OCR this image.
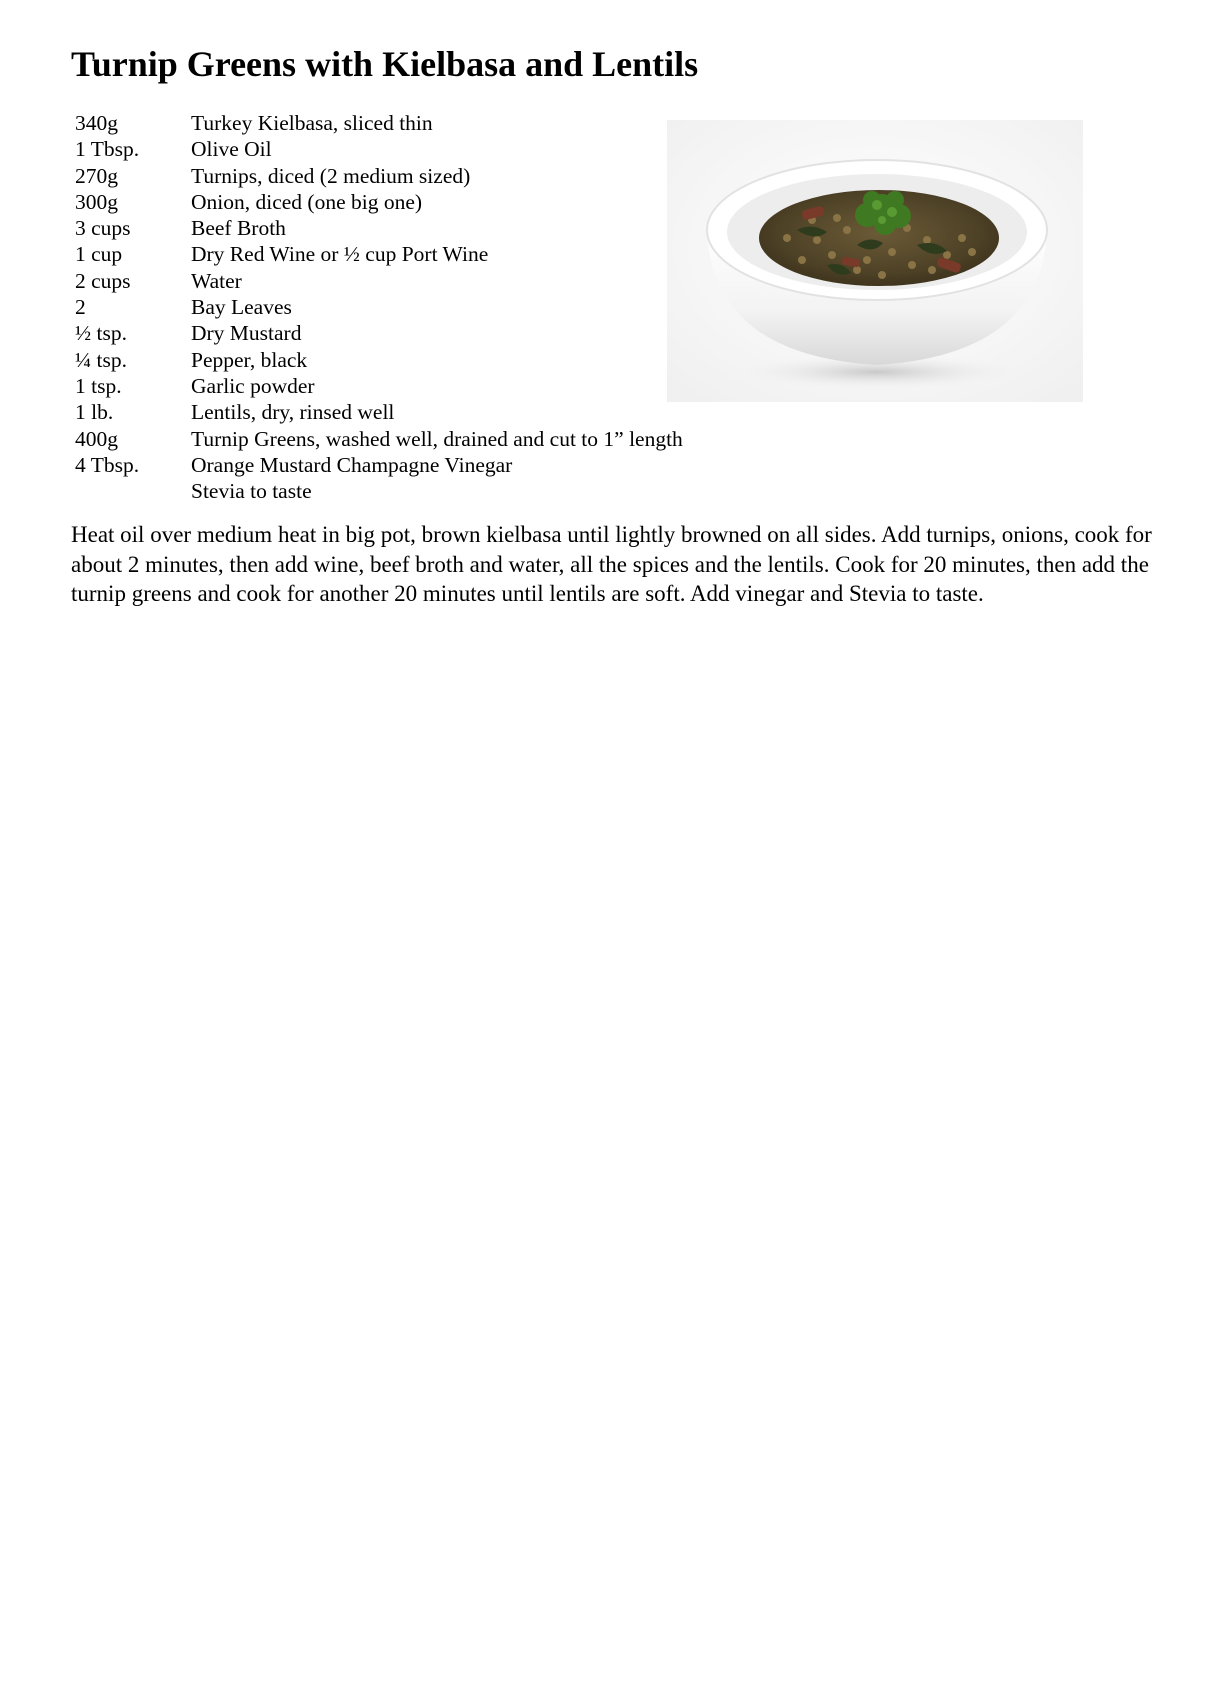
Turnip Greens with Kielbasa and Lentils
340g	Turkey Kielbasa, sliced thin
1 Tbsp. Olive Oil
270g	Turnips, diced (2 medium sized)
300g	Onion, diced (one big one)
3 cups	Beef Broth
1 cup	Dry Red Wine or ½ cup Port Wine
2 cups	Water
2	Bay Leaves
½ tsp.	Dry Mustard
¼ tsp.	Pepper, black
1 tsp.	Garlic powder
1 lb.	Lentils, dry, rinsed well
400g	Turnip Greens, washed well, drained and cut to 1” length
4 Tbsp. Orange Mustard Champagne Vinegar
Stevia to taste

Heat oil over medium heat in big pot, brown kielbasa until lightly browned on all sides. Add turnips, onions, cook for about 2 minutes, then add wine, beef broth and water, all the spices and the lentils. Cook for 20 minutes, then add the turnip greens and cook for another 20 minutes until lentils are soft. Add vinegar and Stevia to taste.
